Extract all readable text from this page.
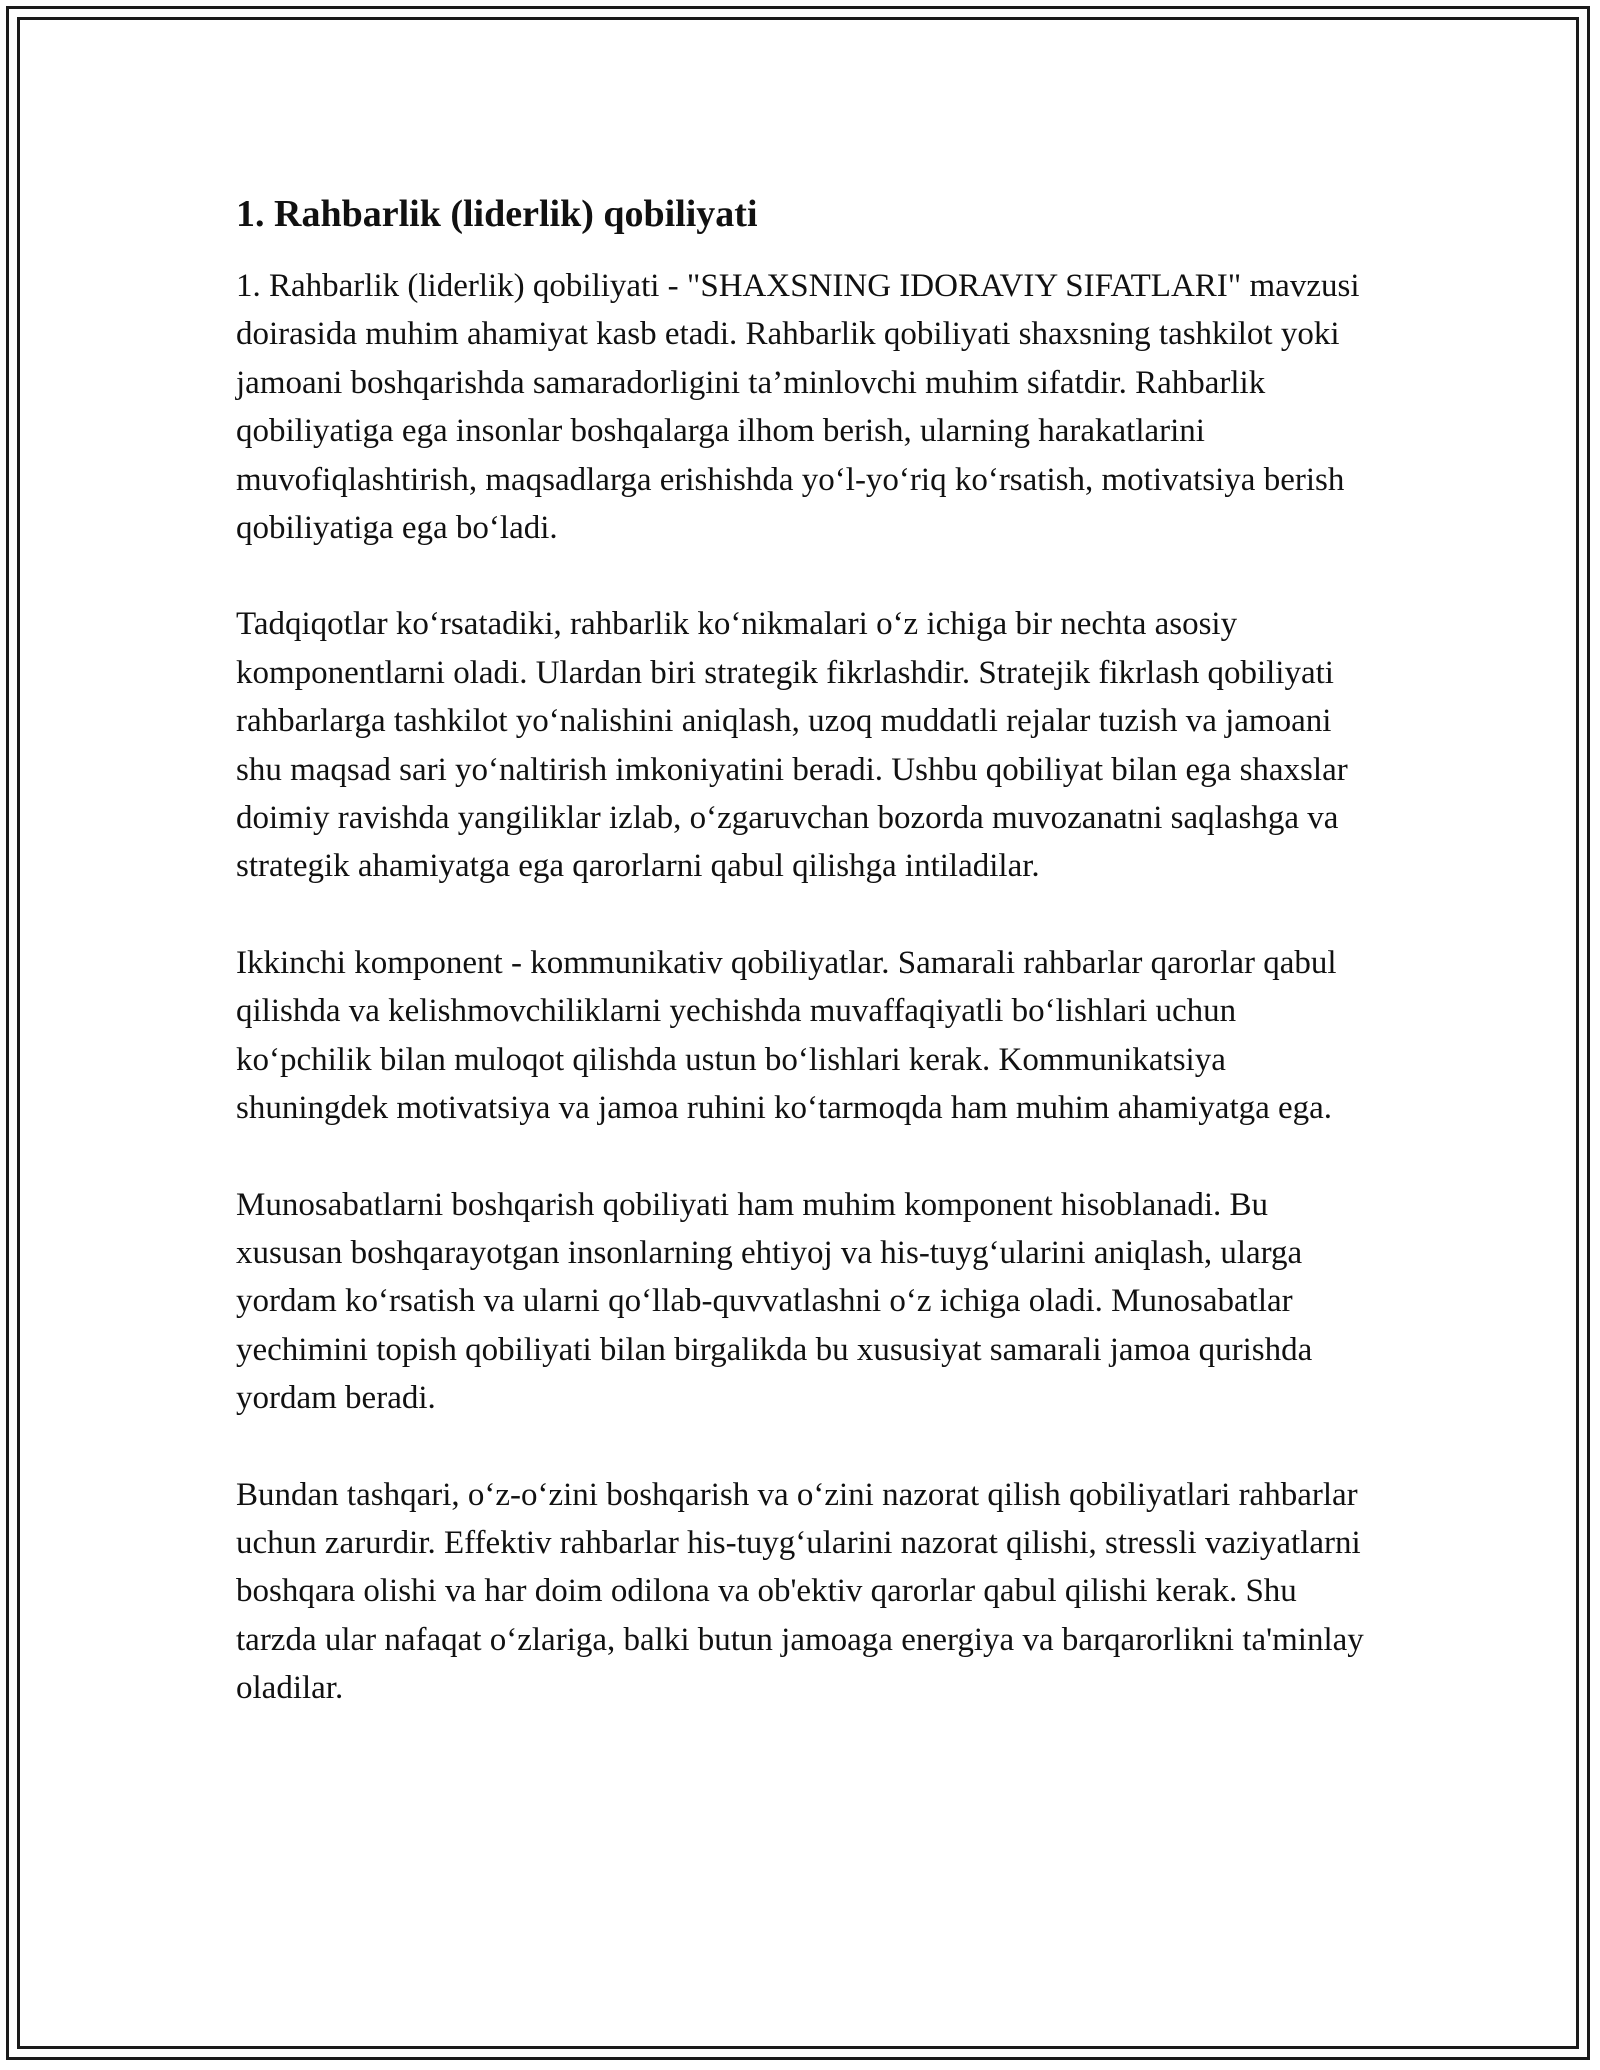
1. Rahbarlik (liderlik) qobiliyati

1. Rahbarlik (liderlik) qobiliyati - "SHAXSNING IDORAVIY SIFATLARI" mavzusi doirasida muhim ahamiyat kasb etadi. Rahbarlik qobiliyati shaxsning tashkilot yoki jamoani boshqarishda samaradorligini ta’minlovchi muhim sifatdir. Rahbarlik qobiliyatiga ega insonlar boshqalarga ilhom berish, ularning harakatlarini muvofiqlashtirish, maqsadlarga erishishda yoʻl-yoʻriq koʻrsatish, motivatsiya berish qobiliyatiga ega boʻladi.

Tadqiqotlar koʻrsatadiki, rahbarlik koʻnikmalari oʻz ichiga bir nechta asosiy komponentlarni oladi. Ulardan biri strategik fikrlashdir. Stratejik fikrlash qobiliyati rahbarlarga tashkilot yoʻnalishini aniqlash, uzoq muddatli rejalar tuzish va jamoani shu maqsad sari yoʻnaltirish imkoniyatini beradi. Ushbu qobiliyat bilan ega shaxslar doimiy ravishda yangiliklar izlab, oʻzgaruvchan bozorda muvozanatni saqlashga va strategik ahamiyatga ega qarorlarni qabul qilishga intiladilar.

Ikkinchi komponent - kommunikativ qobiliyatlar. Samarali rahbarlar qarorlar qabul qilishda va kelishmovchiliklarni yechishda muvaffaqiyatli boʻlishlari uchun koʻpchilik bilan muloqot qilishda ustun boʻlishlari kerak. Kommunikatsiya shuningdek motivatsiya va jamoa ruhini koʻtarmoqda ham muhim ahamiyatga ega.

Munosabatlarni boshqarish qobiliyati ham muhim komponent hisoblanadi. Bu xususan boshqarayotgan insonlarning ehtiyoj va his-tuygʻularini aniqlash, ularga yordam koʻrsatish va ularni qoʻllab-quvvatlashni oʻz ichiga oladi. Munosabatlar yechimini topish qobiliyati bilan birgalikda bu xususiyat samarali jamoa qurishda yordam beradi.

Bundan tashqari, oʻz-oʻzini boshqarish va oʻzini nazorat qilish qobiliyatlari rahbarlar uchun zarurdir. Effektiv rahbarlar his-tuygʻularini nazorat qilishi, stressli vaziyatlarni boshqara olishi va har doim odilona va ob'ektiv qarorlar qabul qilishi kerak. Shu tarzda ular nafaqat oʻzlariga, balki butun jamoaga energiya va barqarorlikni ta'minlay oladilar.
